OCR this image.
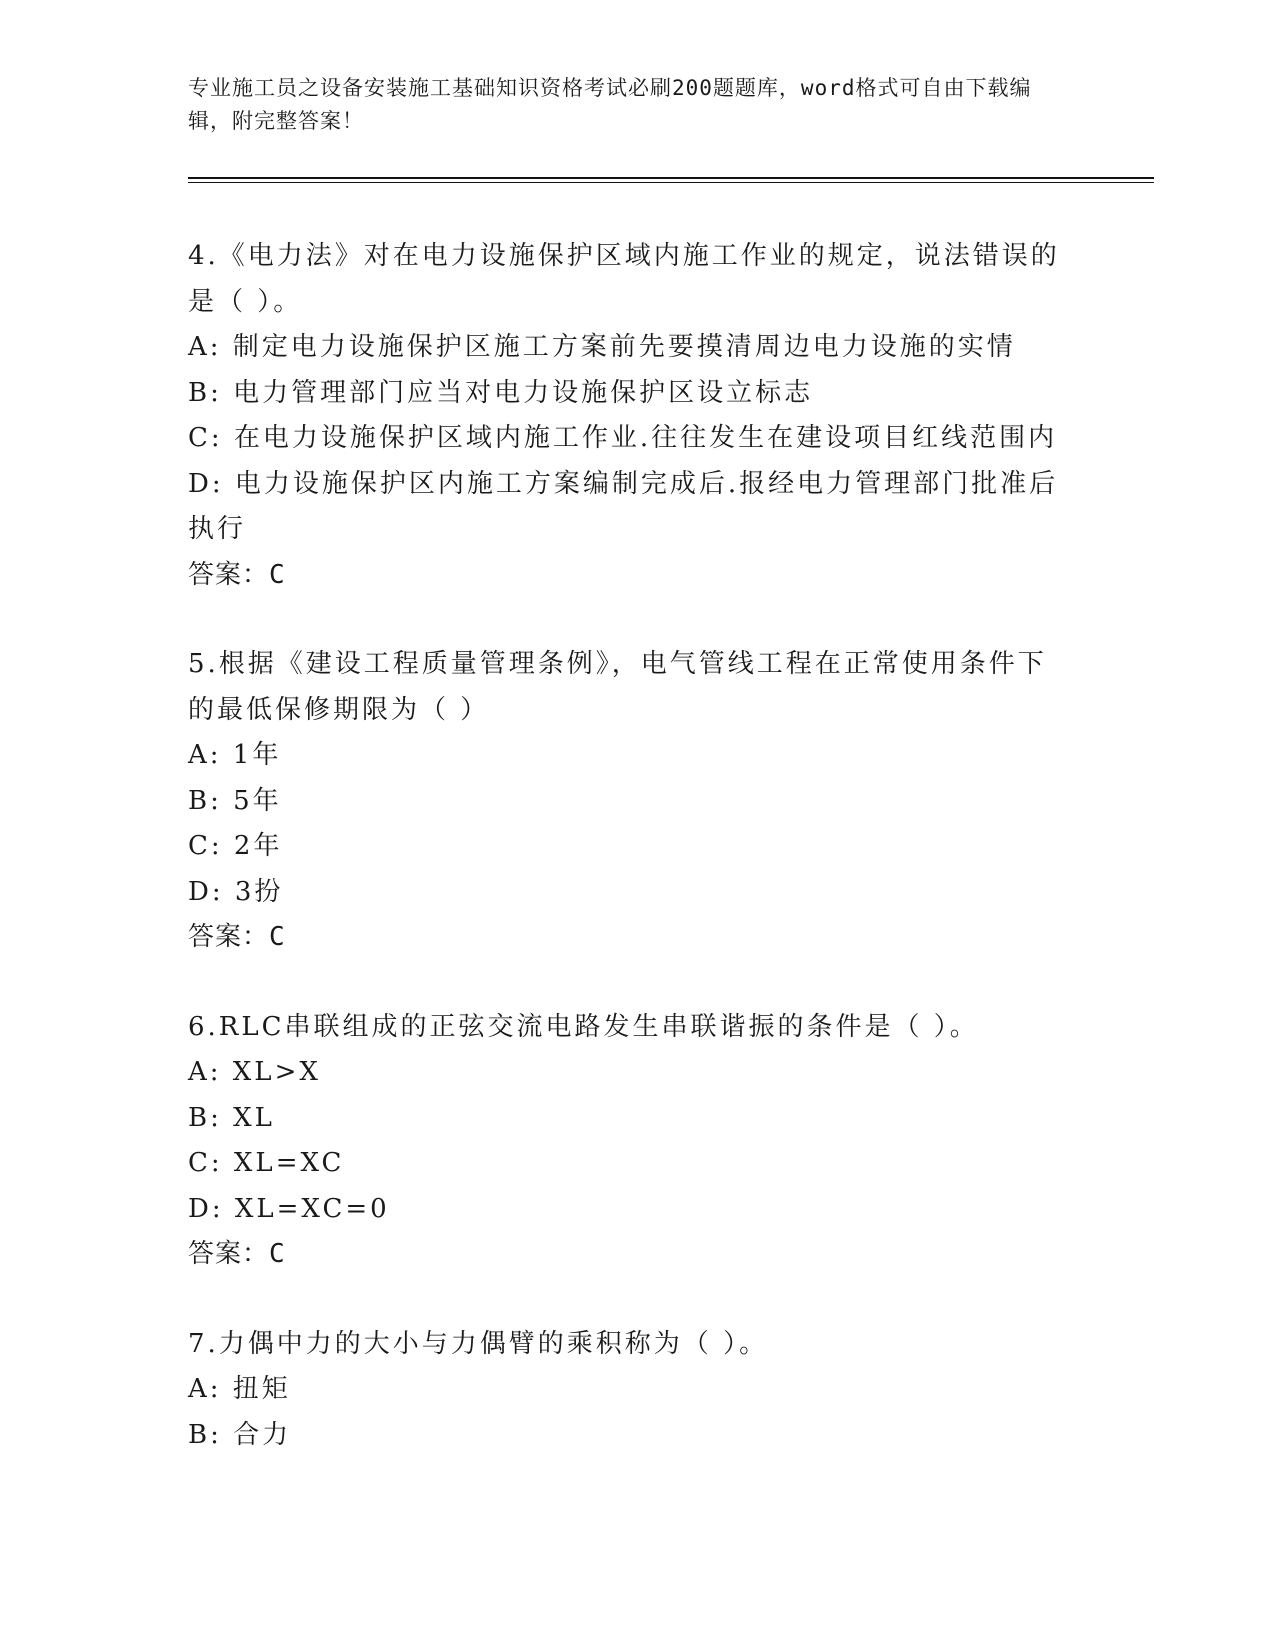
专业施工员之设备安装施工基础知识资格考试必刷200题题库，word格式可自由下载编辑，附完整答案！
4.《电力法》对在电力设施保护区域内施工作业的规定，说法错误的是（ ）。
A: 制定电力设施保护区施工方案前先要摸清周边电力设施的实情
B: 电力管理部门应当对电力设施保护区设立标志
C: 在电力设施保护区域内施工作业.往往发生在建设项目红线范围内
D: 电力设施保护区内施工方案编制完成后.报经电力管理部门批准后执行
答案：C
5.根据《建设工程质量管理条例》，电气管线工程在正常使用条件下的最低保修期限为（ ）
A: 1年
B: 5年
C: 2年
D: 3扮
答案：C
6.RLC串联组成的正弦交流电路发生串联谐振的条件是（ ）。
A: XL>X
B: XL
C: XL=XC
D: XL=XC=0
答案：C
7.力偶中力的大小与力偶臂的乘积称为（ ）。
A: 扭矩
B: 合力
